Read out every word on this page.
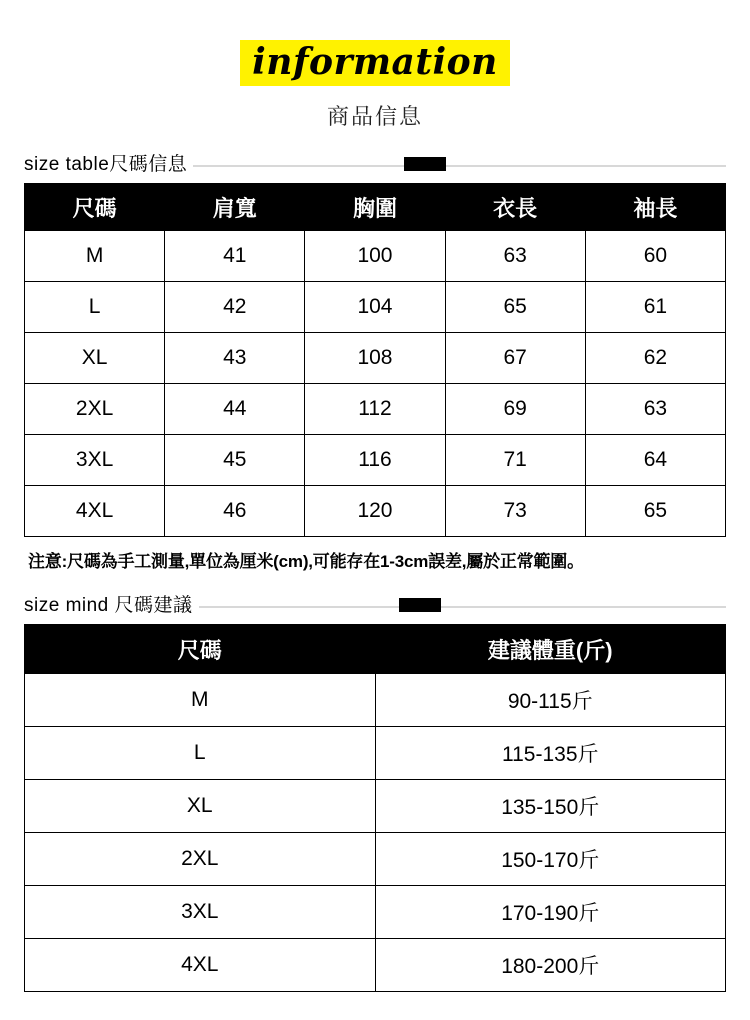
information
商品信息
size table尺碼信息
尺碼	肩寬	胸圍	衣長	袖長
M	41	100	63	60
L	42	104	65	61
XL	43	108	67	62
2XL	44	112	69	63
3XL	45	116	71	64
4XL	46	120	73	65
注意:尺碼為手工測量,單位為厘米(cm),可能存在1-3cm誤差,屬於正常範圍。
size mind 尺碼建議
尺碼	建議體重(斤)
M	90-115斤
L	115-135斤
XL	135-150斤
2XL	150-170斤
3XL	170-190斤
4XL	180-200斤
